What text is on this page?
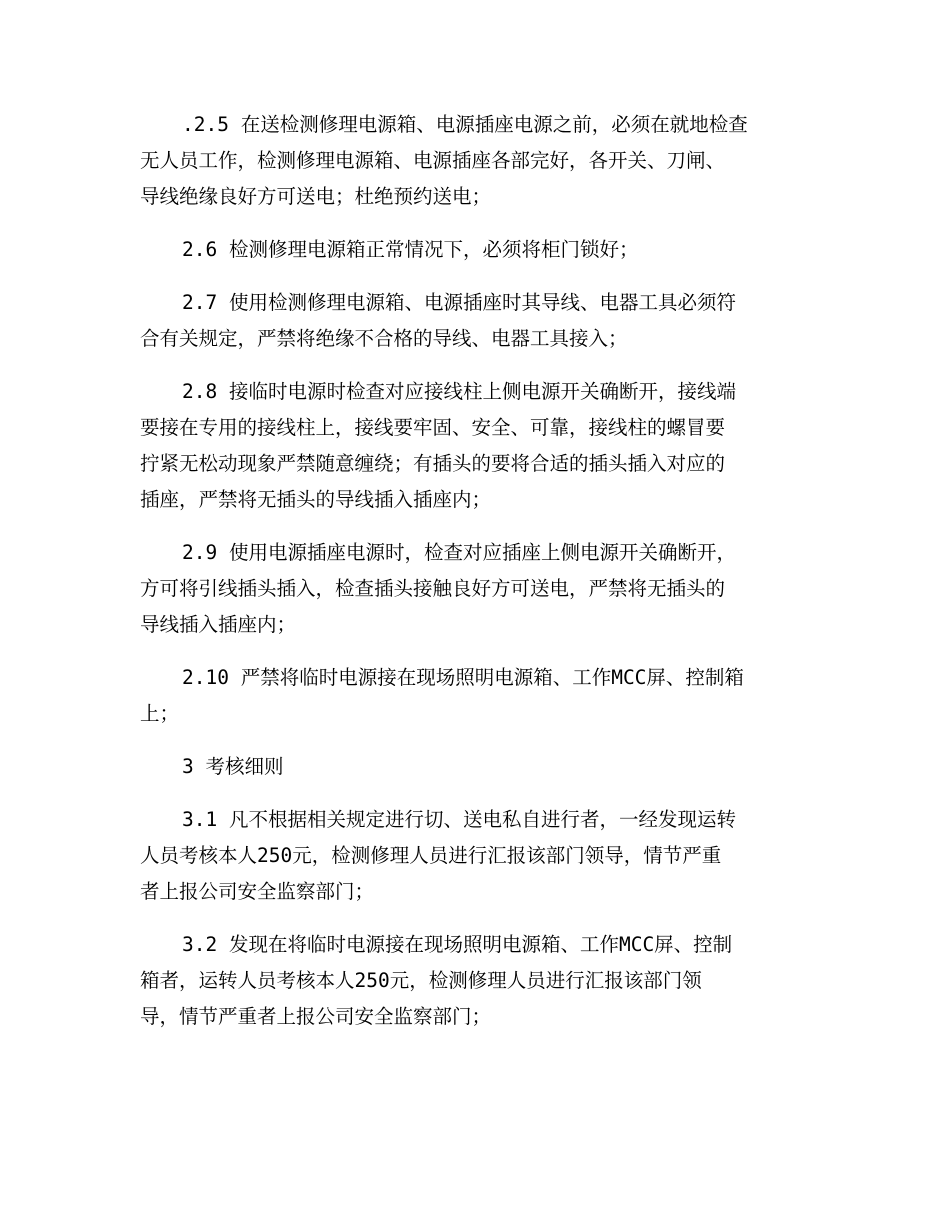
.2.5 在送检测修理电源箱、电源插座电源之前，必须在就地检查
无人员工作，检测修理电源箱、电源插座各部完好，各开关、刀闸、
导线绝缘良好方可送电；杜绝预约送电；

2.6 检测修理电源箱正常情况下，必须将柜门锁好；

2.7 使用检测修理电源箱、电源插座时其导线、电器工具必须符
合有关规定，严禁将绝缘不合格的导线、电器工具接入；

2.8 接临时电源时检查对应接线柱上侧电源开关确断开，接线端
要接在专用的接线柱上，接线要牢固、安全、可靠，接线柱的螺冒要
拧紧无松动现象严禁随意缠绕；有插头的要将合适的插头插入对应的
插座，严禁将无插头的导线插入插座内；

2.9 使用电源插座电源时，检查对应插座上侧电源开关确断开，
方可将引线插头插入，检查插头接触良好方可送电，严禁将无插头的
导线插入插座内；

2.10 严禁将临时电源接在现场照明电源箱、工作MCC屏、控制箱
上；

3 考核细则

3.1 凡不根据相关规定进行切、送电私自进行者，一经发现运转
人员考核本人250元，检测修理人员进行汇报该部门领导，情节严重
者上报公司安全监察部门；

3.2 发现在将临时电源接在现场照明电源箱、工作MCC屏、控制
箱者，运转人员考核本人250元，检测修理人员进行汇报该部门领
导，情节严重者上报公司安全监察部门；
